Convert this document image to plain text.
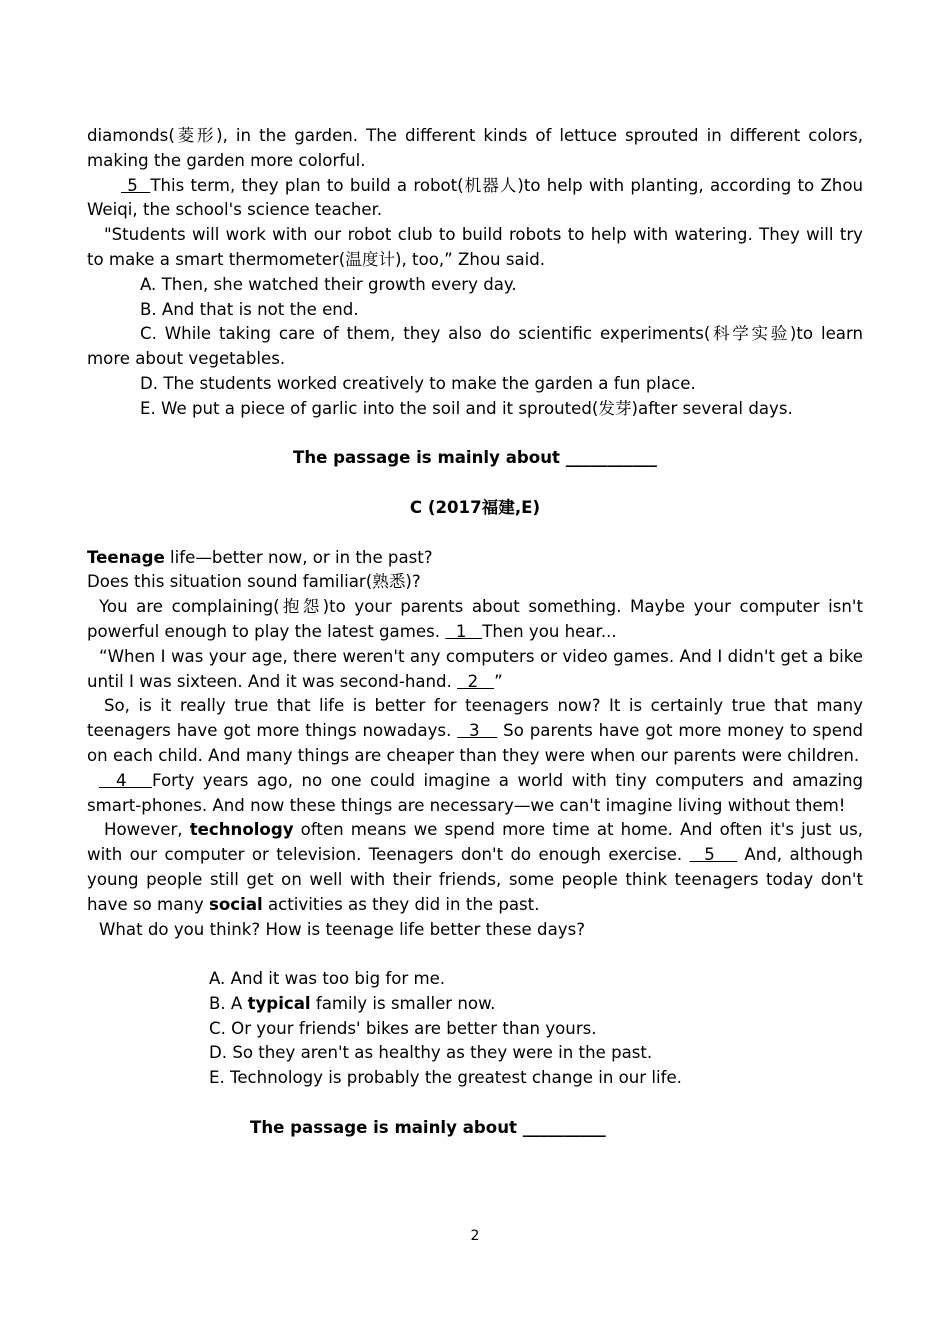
diamonds(菱形), in the garden. The different kinds of lettuce sprouted in different colors, making the garden more colorful.

5  This term, they plan to build a robot(机器人)to help with planting, according to Zhou Weiqi, the school's science teacher.

"Students will work with our robot club to build robots to help with watering. They will try to make a smart thermometer(温度计), too,” Zhou said.

A. Then, she watched their growth every day.

B. And that is not the end.

C. While taking care of them, they also do scientific experiments(科学实验)to learn more about vegetables.

D. The students worked creatively to make the garden a fun place.

E. We put a piece of garlic into the soil and it sprouted(发芽)after several days.

The passage is mainly about ___________

C (2017福建,E)

Teenage life—better now, or in the past?

Does this situation sound familiar(熟悉)?

You are complaining(抱怨)to your parents about something. Maybe your computer isn't powerful enough to play the latest games.   1   Then you hear...

“When I was your age, there weren't any computers or video games. And I didn't get a bike until I was sixteen. And it was second-hand.   2   ”

So, is it really true that life is better for teenagers now? It is certainly true that many teenagers have got more things nowadays.   3    So parents have got more money to spend on each child. And many things are cheaper than they were when our parents were children.

4   Forty years ago, no one could imagine a world with tiny computers and amazing smart-phones. And now these things are necessary—we can't imagine living without them!

However, technology often means we spend more time at home. And often it's just us, with our computer or television. Teenagers don't do enough exercise.   5    And, although young people still get on well with their friends, some people think teenagers today don't have so many social activities as they did in the past.

What do you think? How is teenage life better these days?

A. And it was too big for me.

B. A typical family is smaller now.

C. Or your friends' bikes are better than yours.

D. So they aren't as healthy as they were in the past.

E. Technology is probably the greatest change in our life.

The passage is mainly about __________

2
